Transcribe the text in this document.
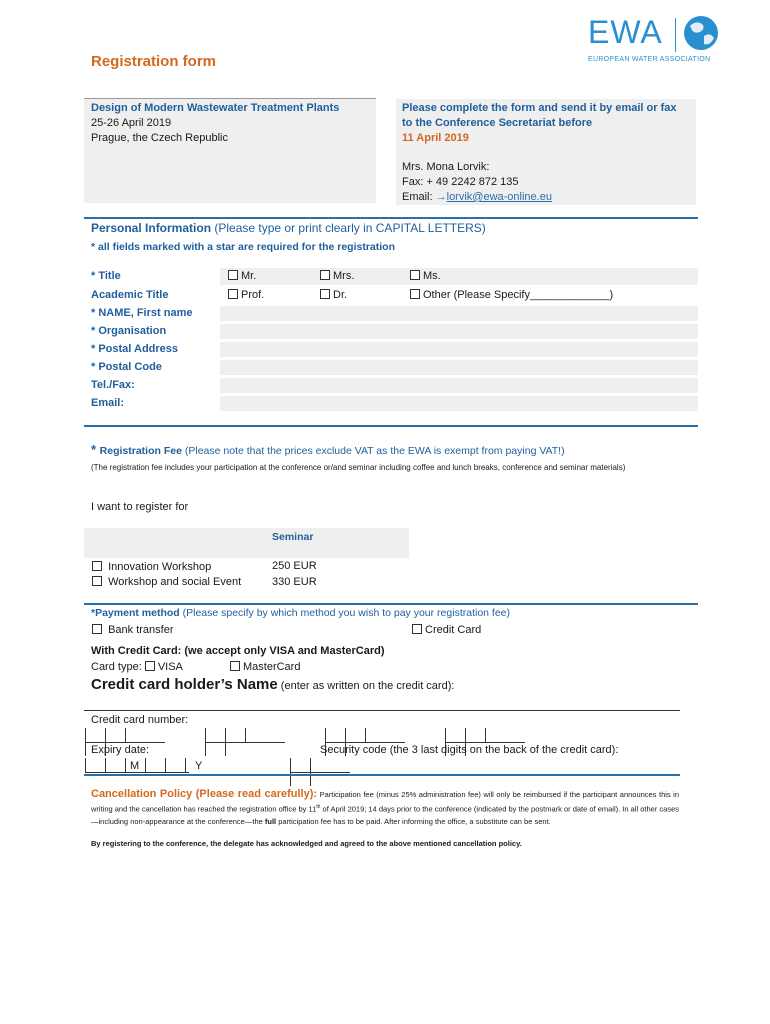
EWA
EUROPEAN WATER ASSOCIATION
Registration form
Design of Modern Wastewater Treatment Plants
25-26 April 2019
Prague, the Czech Republic
Please complete the form and send it by email or fax
to the Conference Secretariat before
11 April 2019
Mrs. Mona Lorvik:
Fax: + 49 2242 872 135
Email: →lorvik@ewa-online.eu
Personal Information (Please type or print clearly in CAPITAL LETTERS)
* all fields marked with a star are required for the registration
* Title	Mr.	Mrs.	Ms.
Academic Title	Prof.	Dr.	Other (Please Specify_____________)
* NAME, First name
* Organisation
* Postal Address
* Postal Code
Tel./Fax:
Email:
* Registration Fee (Please note that the prices exclude VAT as the EWA is exempt from paying VAT!)
(The registration fee includes your participation at the conference or/and seminar including coffee and lunch breaks, conference and seminar materials)
I want to register for
Seminar
Innovation Workshop	250 EUR
Workshop and social Event	330 EUR
*Payment method (Please specify by which method you wish to pay your registration fee)
Bank transfer	Credit Card
With Credit Card: (we accept only VISA and MasterCard)
Card type: VISA	MasterCard
Credit card holder’s Name (enter as written on the credit card):
Credit card number:
Expiry date:	Security code (the 3 last digits on the back of the credit card):
M	Y
Cancellation Policy (Please read carefully): Participation fee (minus 25% administration fee) will only be reimbursed if the participant announces this in writing and the cancellation has reached the registration office by 11th of April 2019; 14 days prior to the conference (indicated by the postmark or date of email). In all other cases—including non-appearance at the conference—the full participation fee has to be paid. After informing the office, a substitute can be sent.
By registering to the conference, the delegate has acknowledged and agreed to the above mentioned cancellation policy.
